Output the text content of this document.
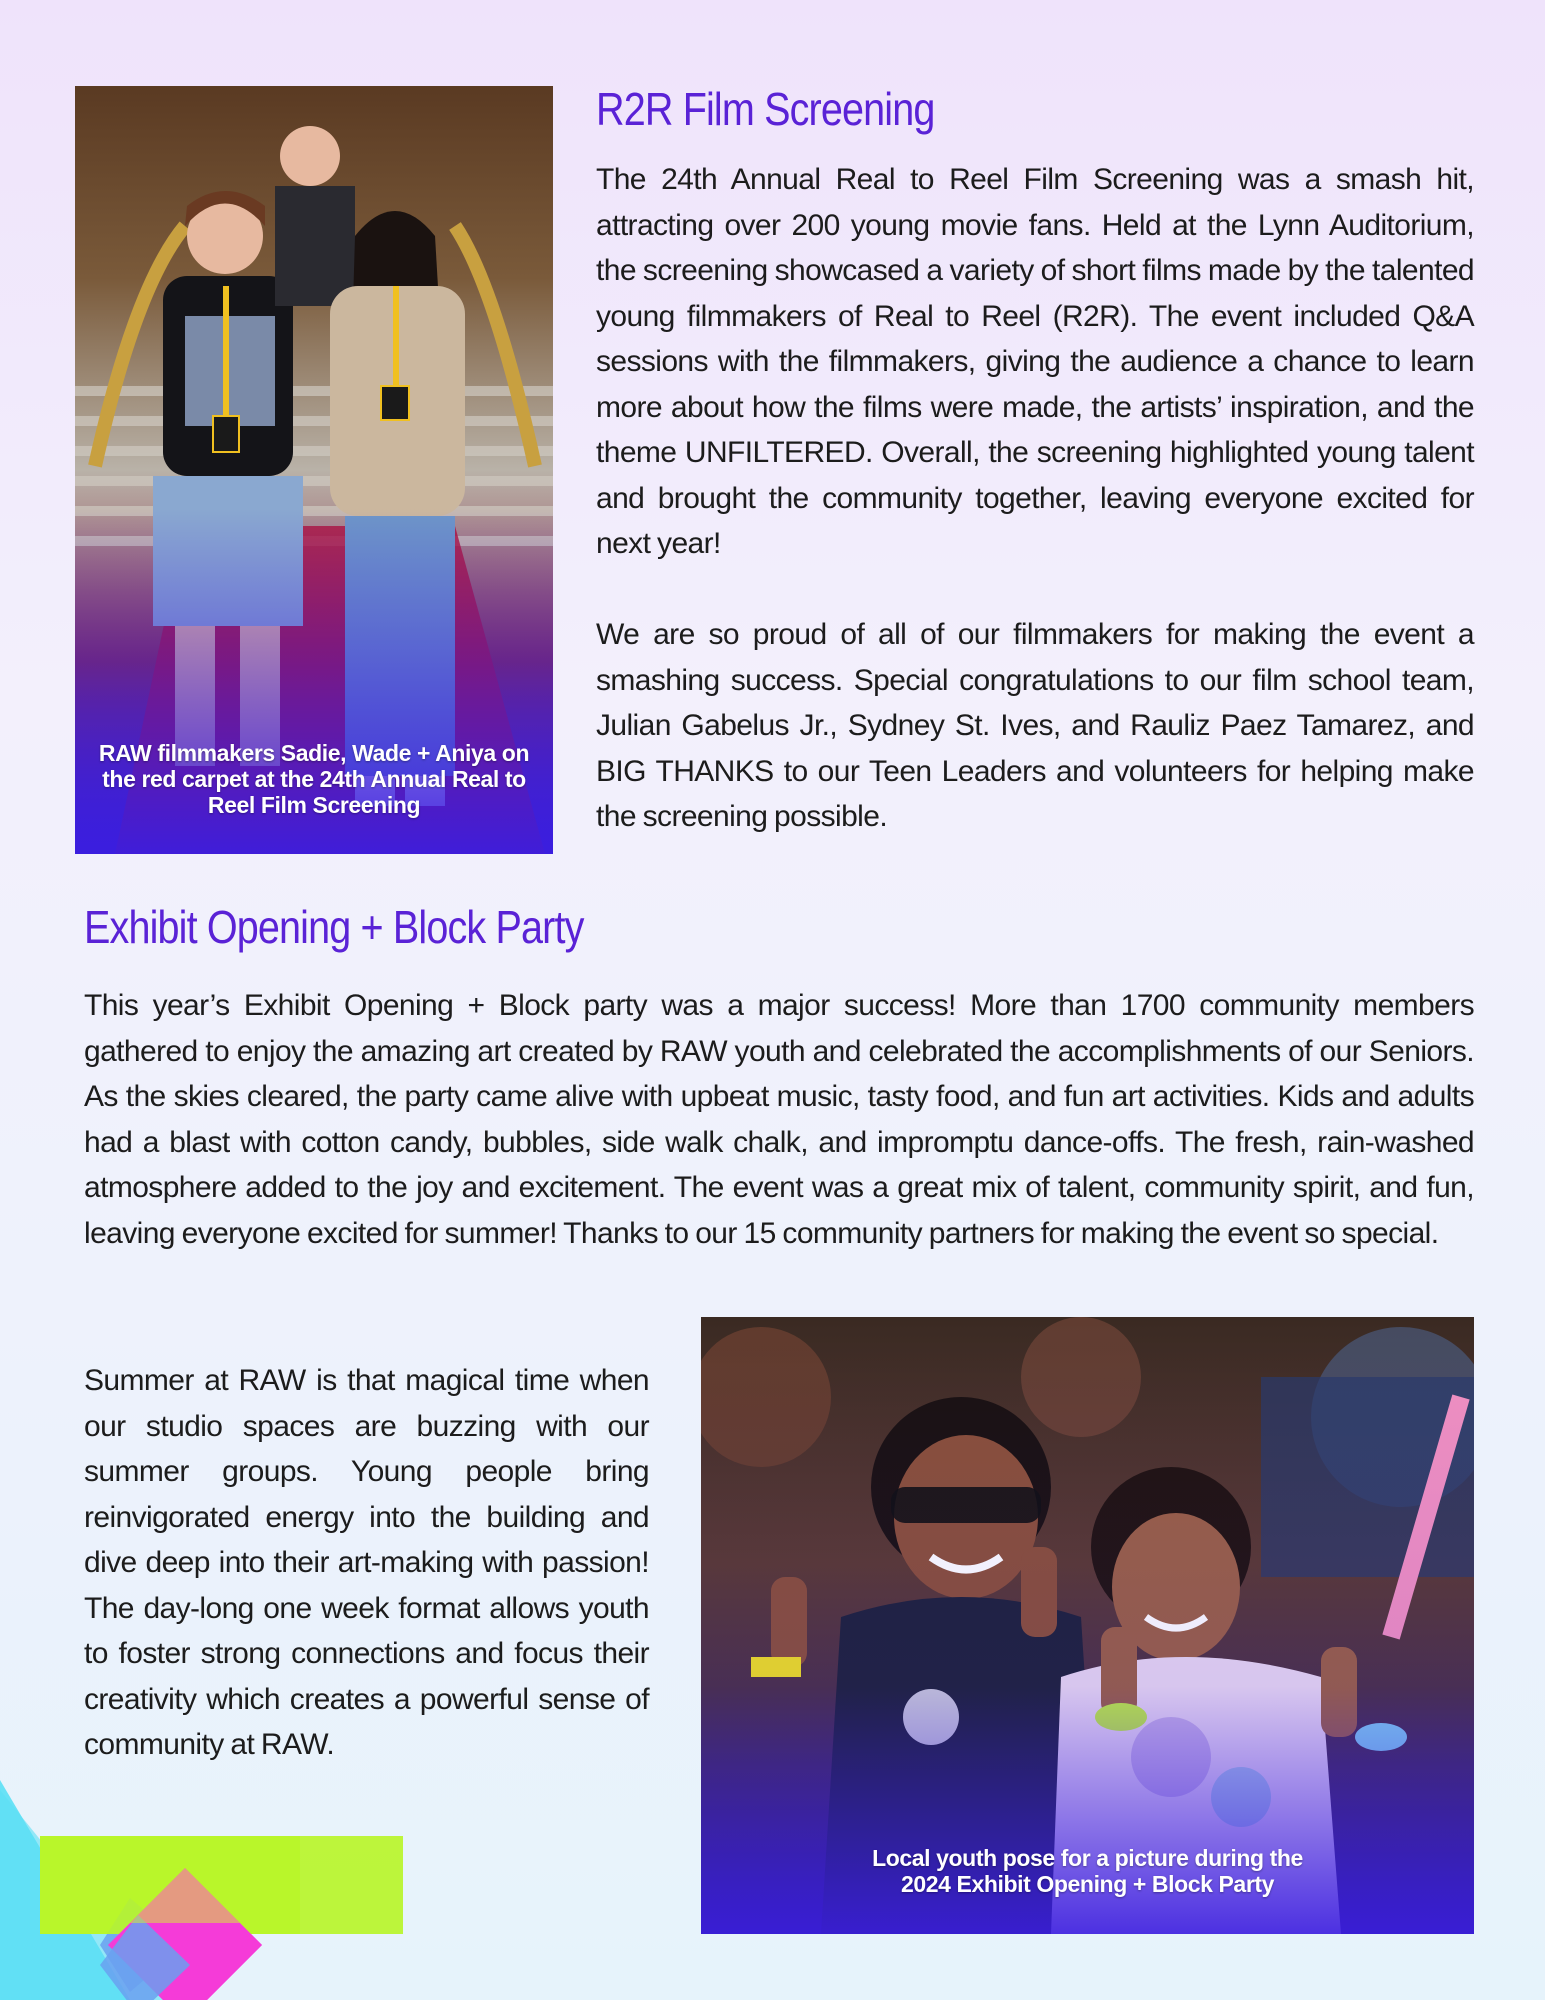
RAW filmmakers Sadie, Wade + Aniya on the red carpet at the 24th Annual Real to Reel Film Screening
R2R Film Screening

The 24th Annual Real to Reel Film Screening was a smash hit, attracting over 200 young movie fans. Held at the Lynn Auditorium, the screening showcased a variety of short films made by the talented young filmmakers of Real to Reel (R2R). The event included Q&A sessions with the filmmakers, giving the audience a chance to learn more about how the films were made, the artists’ inspiration, and the theme UNFILTERED. Overall, the screening highlighted young talent and brought the community together, leaving everyone excited for next year!

We are so proud of all of our filmmakers for making the event a smashing success. Special congratulations to our film school team, Julian Gabelus Jr., Sydney St. Ives, and Rauliz Paez Tamarez, and BIG THANKS to our Teen Leaders and volunteers for helping make the screening possible.

Exhibit Opening + Block Party

This year’s Exhibit Opening + Block party was a major success! More than 1700 community members gathered to enjoy the amazing art created by RAW youth and celebrated the accomplishments of our Seniors. As the skies cleared, the party came alive with upbeat music, tasty food, and fun art activities. Kids and adults had a blast with cotton candy, bubbles, side walk chalk, and impromptu dance-offs. The fresh, rain-washed atmosphere added to the joy and excitement. The event was a great mix of talent, community spirit, and fun, leaving everyone excited for summer! Thanks to our 15 community partners for making the event so special.

Summer at RAW is that magical time when our studio spaces are buzzing with our summer groups. Young people bring reinvigorated energy into the building and dive deep into their art-making with passion! The day-long one week format allows youth to foster strong connections and focus their creativity which creates a powerful sense of community at RAW.

Local youth pose for a picture during the 2024 Exhibit Opening + Block Party
